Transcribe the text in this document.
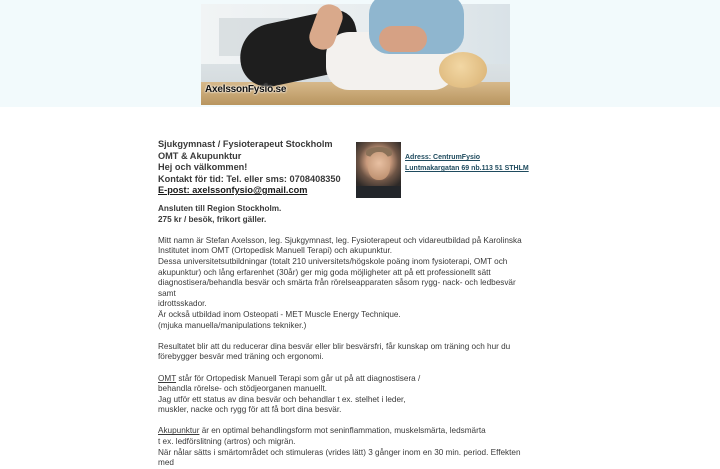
AxelssonFysio.se
Sjukgymnast / Fysioterapeut Stockholm
OMT & Akupunktur
Hej och välkommen!
Kontakt för tid: Tel. eller sms: 0708408350
E-post: axelssonfysio@gmail.com
Adress: CentrumFysio
Luntmakargatan 69 nb.113 51 STHLM

Ansluten till Region Stockholm.

275 kr / besök, frikort gäller.

Mitt namn är Stefan Axelsson, leg. Sjukgymnast, leg. Fysioterapeut och vidareutbildad på Karolinska

Institutet inom OMT (Ortopedisk Manuell Terapi) och akupunktur.

Dessa universitetsutbildningar (totalt 210 universitets/högskole poäng inom fysioterapi, OMT och

akupunktur) och lång erfarenhet (30år) ger mig goda möjligheter att på ett professionellt sätt

diagnostisera/behandla besvär och smärta från rörelseapparaten såsom rygg- nack- och ledbesvär samt

idrottsskador.

Är också utbildad inom Osteopati - MET Muscle Energy Technique.

(mjuka manuella/manipulations tekniker.)

Resultatet blir att du reducerar dina besvär eller blir besvärsfri, får kunskap om träning och hur du

förebygger besvär med träning och ergonomi.

OMT står för Ortopedisk Manuell Terapi som går ut på att diagnostisera /

behandla rörelse- och stödjeorganen manuellt.

Jag utför ett status av dina besvär och behandlar t ex. stelhet i leder,

muskler, nacke och rygg för att få bort dina besvär.

Akupunktur är en optimal behandlingsform mot seninflammation, muskelsmärta, ledsmärta

t ex. ledförslitning (artros) och migrän.

När nålar sätts i smärtområdet och stimuleras (vrides lätt) 3 gånger inom en 30 min. period. Effekten med
